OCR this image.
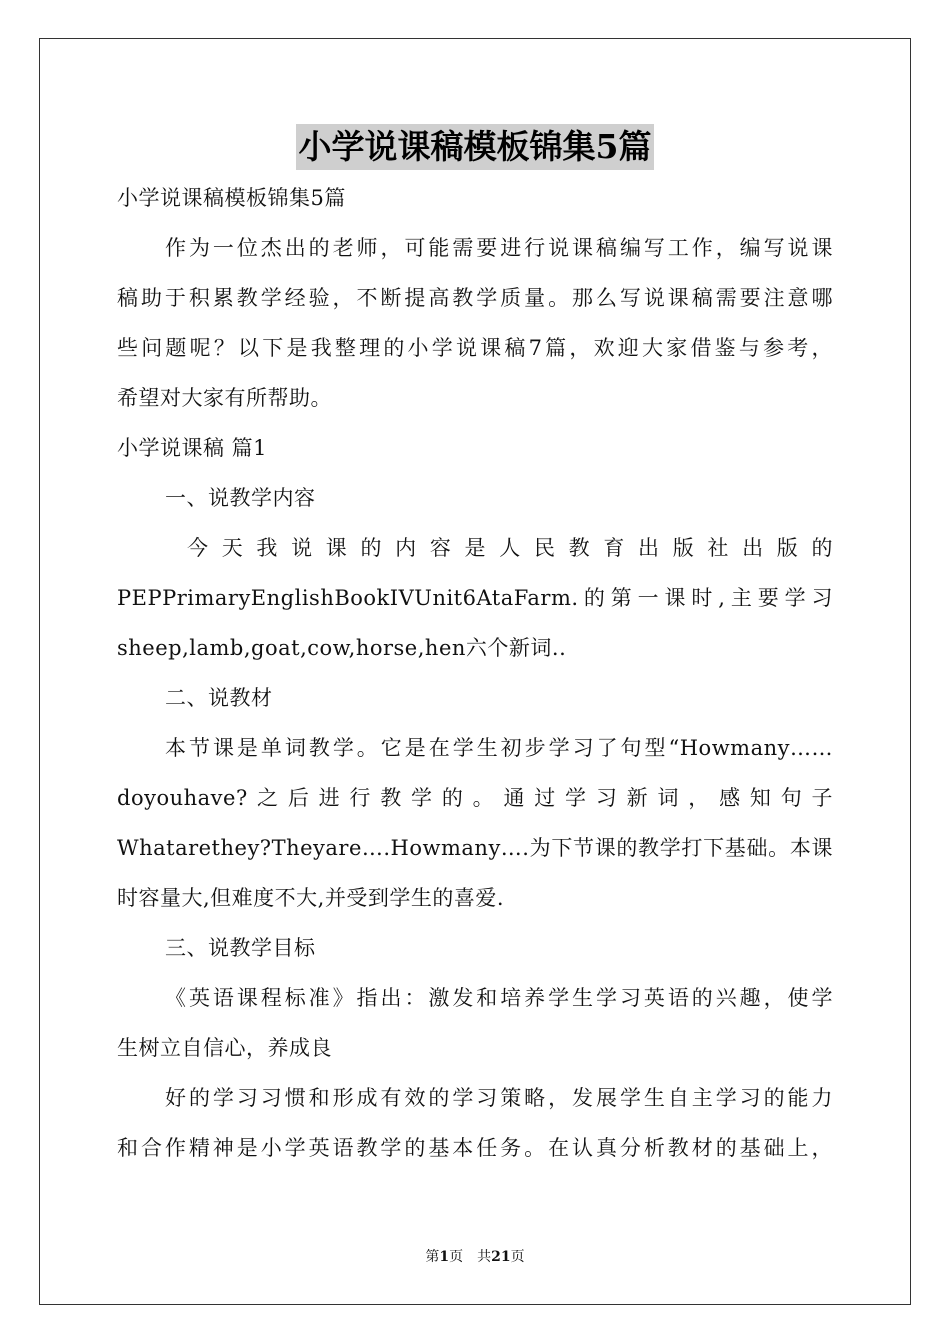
小学说课稿模板锦集5篇
小学说课稿模板锦集5篇
作为一位杰出的老师，可能需要进行说课稿编写工作，编写说课
稿助于积累教学经验，不断提高教学质量。那么写说课稿需要注意哪
些问题呢？以下是我整理的小学说课稿7篇，欢迎大家借鉴与参考，
希望对大家有所帮助。
小学说课稿 篇1
一、说教学内容
今 天 我 说 课 的 内 容 是 人 民 教 育 出 版 社 出 版 的
PEPPrimaryEnglishBookIVUnit6AtaFarm.的第一课时,主要学习
sheep,lamb,goat,cow,horse,hen六个新词..
二、说教材
本节课是单词教学。它是在学生初步学习了句型“Howmany……
doyouhave?之后进行教学的。通过学习新词，感知句子
Whatarethey?Theyare….Howmany….为下节课的教学打下基础。本课
时容量大,但难度不大,并受到学生的喜爱.
三、说教学目标
《英语课程标准》指出：激发和培养学生学习英语的兴趣，使学
生树立自信心，养成良
好的学习习惯和形成有效的学习策略，发展学生自主学习的能力
和合作精神是小学英语教学的基本任务。在认真分析教材的基础上，
第1页　共21页
